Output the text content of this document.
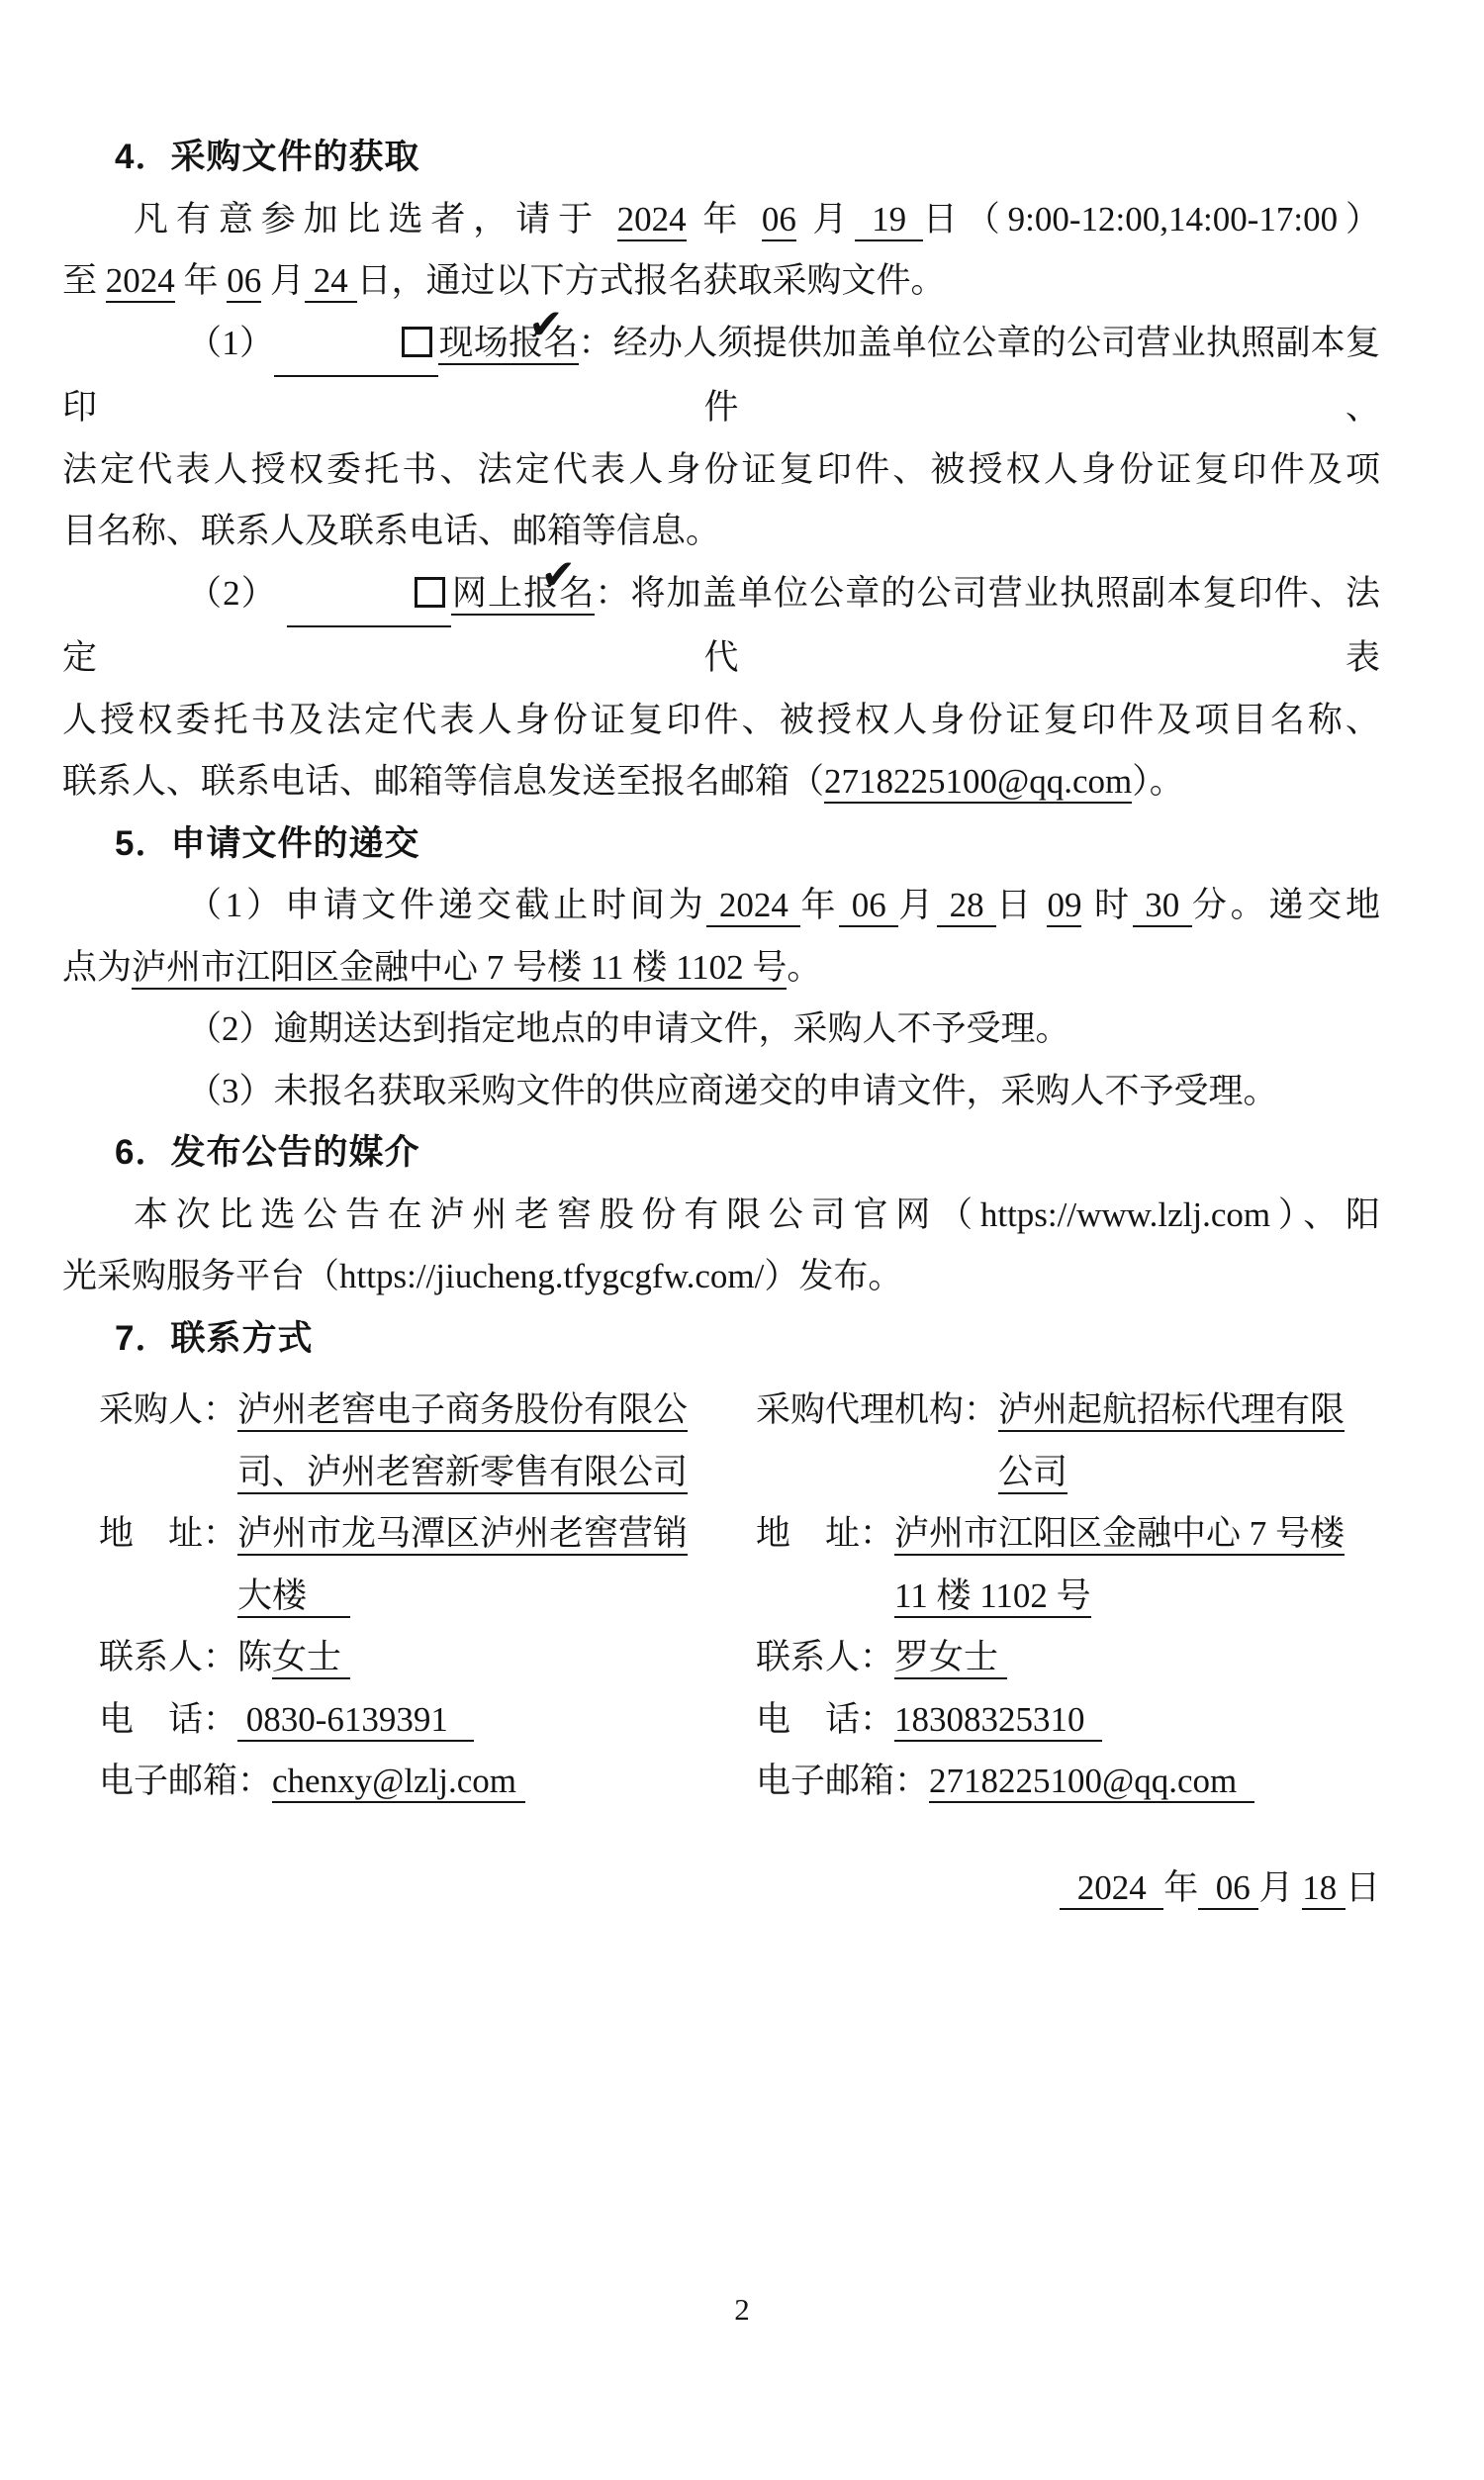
4．采购文件的获取
凡有意参加比选者，请于 2024 年 06 月 19 日（9:00-12:00,14:00-17:00）
至 2024 年 06 月 24 日，通过以下方式报名获取采购文件。
（1） ✔	现场报名：经办人须提供加盖单位公章的公司营业执照副本复印件、
法定代表人授权委托书、法定代表人身份证复印件、被授权人身份证复印件及项
目名称、联系人及联系电话、邮箱等信息。
（2） ✔	网上报名：将加盖单位公章的公司营业执照副本复印件、法定代表
人授权委托书及法定代表人身份证复印件、被授权人身份证复印件及项目名称、
联系人、联系电话、邮箱等信息发送至报名邮箱（2718225100@qq.com）。
5．申请文件的递交
（1）申请文件递交截止时间为 2024 年 06 月 28 日 09 时 30 分。递交地
点为泸州市江阳区金融中心 7 号楼 11 楼 1102 号。
（2）逾期送达到指定地点的申请文件，采购人不予受理。
（3）未报名获取采购文件的供应商递交的申请文件，采购人不予受理。
6．发布公告的媒介
本次比选公告在泸州老窖股份有限公司官网（https://www.lzlj.com）、阳
光采购服务平台（https://jiucheng.tfygcgfw.com/）发布。
7．联系方式
采购人： 泸州老窖电子商务股份有限公
司、泸州老窖新零售有限公司
地　址： 泸州市龙马潭区泸州老窖营销
大楼　
联系人： 陈女士
电　话： 0830-6139391
电子邮箱： chenxy@lzlj.com
采购代理机构： 泸州起航招标代理有限
公司
地　址： 泸州市江阳区金融中心 7 号楼
11 楼 1102 号
联系人： 罗女士
电　话： 18308325310
电子邮箱： 2718225100@qq.com
2024  年  06 月 18 日
2
